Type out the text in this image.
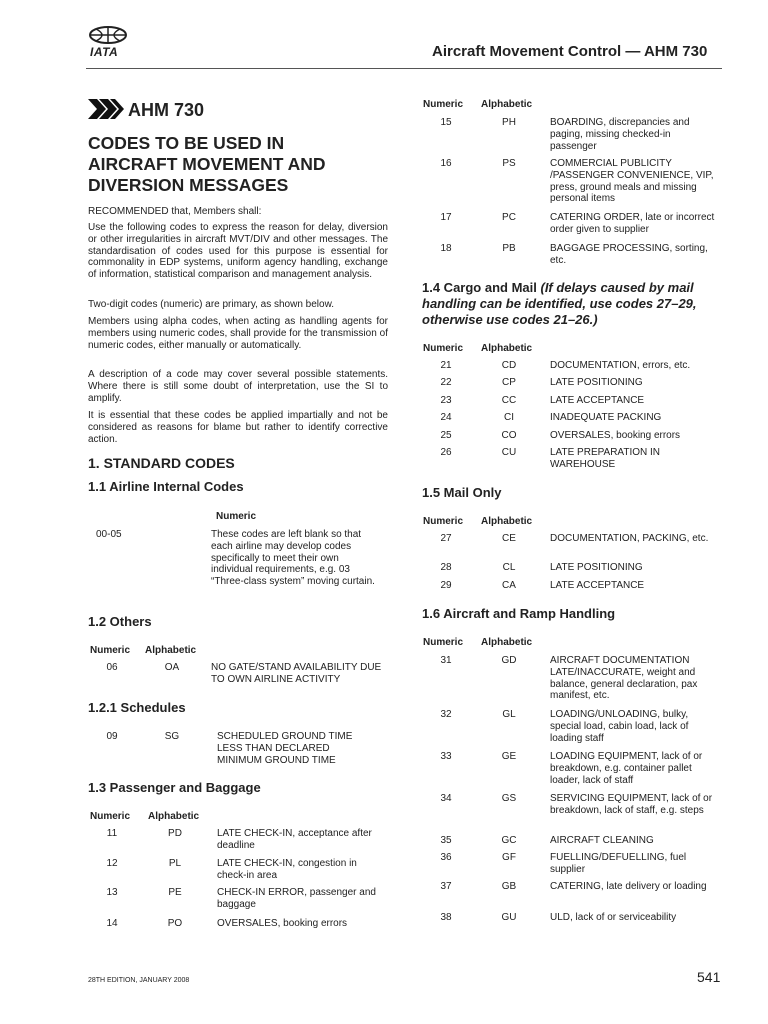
IATA	Aircraft Movement Control — AHM 730
AHM 730
CODES TO BE USED IN
AIRCRAFT MOVEMENT AND
DIVERSION MESSAGES

RECOMMENDED that, Members shall:

Use the following codes to express the reason for delay, diversion or other irregularities in aircraft MVT/DIV and other messages. The standardisation of codes used for this purpose is essential for commonality in EDP systems, uniform agency handling, exchange of information, statistical comparison and management analysis.

Two-digit codes (numeric) are primary, as shown below.

Members using alpha codes, when acting as handling agents for members using numeric codes, shall provide for the transmission of numeric codes, either manually or automatically.

A description of a code may cover several possible statements. Where there is still some doubt of interpretation, use the SI to amplify.

It is essential that these codes be applied impartially and not be considered as reasons for blame but rather to identify corrective action.

1. STANDARD CODES
1.1 Airline Internal Codes
Numeric
00-05	These codes are left blank so that each airline may develop codes specifically to meet their own individual requirements, e.g. 03 “Three-class system” moving curtain.
1.2 Others
Numeric Alphabetic
06	OA	NO GATE/STAND AVAILABILITY DUE TO OWN AIRLINE ACTIVITY
1.2.1 Schedules
09	SG	SCHEDULED GROUND TIME LESS THAN DECLARED MINIMUM GROUND TIME
1.3 Passenger and Baggage
Numeric Alphabetic
11	PD	LATE CHECK-IN, acceptance after deadline
12	PL	LATE CHECK-IN, congestion in check-in area
13	PE	CHECK-IN ERROR, passenger and baggage
14	PO	OVERSALES, booking errors
Numeric Alphabetic
15	PH	BOARDING, discrepancies and paging, missing checked-in passenger
16	PS	COMMERCIAL PUBLICITY /PASSENGER CONVENIENCE, VIP, press, ground meals and missing personal items
17	PC	CATERING ORDER, late or incorrect order given to supplier
18	PB	BAGGAGE PROCESSING, sorting, etc.
1.4 Cargo and Mail (If delays caused by mail handling can be identified, use codes 27–29, otherwise use codes 21–26.)
Numeric Alphabetic
21	CD	DOCUMENTATION, errors, etc.
22	CP	LATE POSITIONING
23	CC	LATE ACCEPTANCE
24	CI	INADEQUATE PACKING
25	CO	OVERSALES, booking errors
26	CU	LATE PREPARATION IN WAREHOUSE
1.5 Mail Only
Numeric Alphabetic
27	CE	DOCUMENTATION, PACKING, etc.
28	CL	LATE POSITIONING
29	CA	LATE ACCEPTANCE
1.6 Aircraft and Ramp Handling
Numeric Alphabetic
31	GD	AIRCRAFT DOCUMENTATION LATE/INACCURATE, weight and balance, general declaration, pax manifest, etc.
32	GL	LOADING/UNLOADING, bulky, special load, cabin load, lack of loading staff
33	GE	LOADING EQUIPMENT, lack of or breakdown, e.g. container pallet loader, lack of staff
34	GS	SERVICING EQUIPMENT, lack of or breakdown, lack of staff, e.g. steps
35	GC	AIRCRAFT CLEANING
36	GF	FUELLING/DEFUELLING, fuel supplier
37	GB	CATERING, late delivery or loading
38	GU	ULD, lack of or serviceability
28TH EDITION, JANUARY 2008	541
